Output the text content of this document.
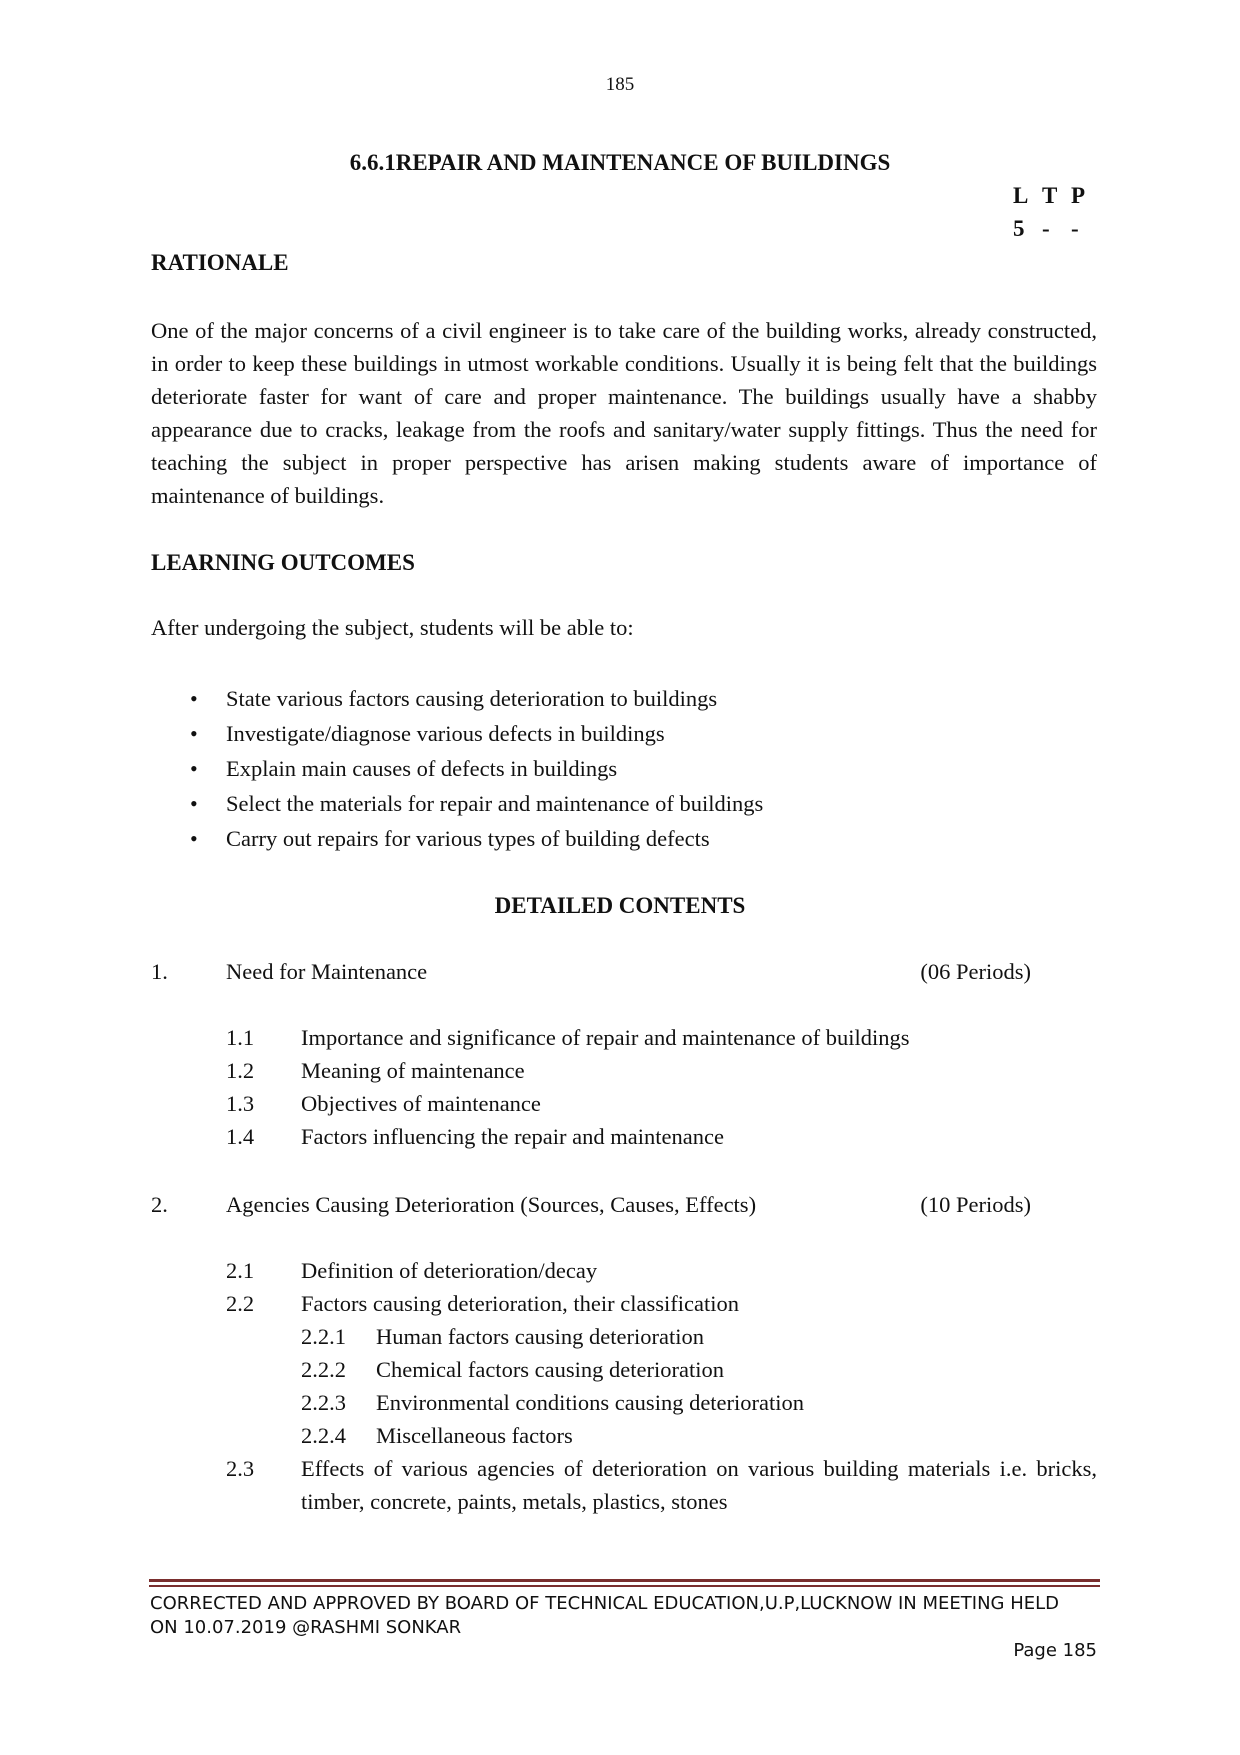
185
6.6.1REPAIR AND MAINTENANCE OF BUILDINGS
L T P
5 - -
RATIONALE

One of the major concerns of a civil engineer is to take care of the building works, already constructed, in order to keep these buildings in utmost workable conditions. Usually it is being felt that the buildings deteriorate faster for want of care and proper maintenance. The buildings usually have a shabby appearance due to cracks, leakage from the roofs and sanitary/water supply fittings. Thus the need for teaching the subject in proper perspective has arisen making students aware of importance of maintenance of buildings.

LEARNING OUTCOMES
After undergoing the subject, students will be able to:
• State various factors causing deterioration to buildings
• Investigate/diagnose various defects in buildings
• Explain main causes of defects in buildings
• Select the materials for repair and maintenance of buildings
• Carry out repairs for various types of building defects
DETAILED CONTENTS
1.	Need for Maintenance	(06 Periods)
1.1 Importance and significance of repair and maintenance of buildings
1.2 Meaning of maintenance
1.3 Objectives of maintenance
1.4 Factors influencing the repair and maintenance
2.	Agencies Causing Deterioration (Sources, Causes, Effects)	(10 Periods)
2.1 Definition of deterioration/decay
2.2 Factors causing deterioration, their classification
2.2.1 Human factors causing deterioration
2.2.2 Chemical factors causing deterioration
2.2.3 Environmental conditions causing deterioration
2.2.4 Miscellaneous factors
2.3 Effects of various agencies of deterioration on various building materials i.e. bricks, timber, concrete, paints, metals, plastics, stones
CORRECTED AND APPROVED BY BOARD OF TECHNICAL EDUCATION,U.P,LUCKNOW IN MEETING HELD
ON 10.07.2019 @RASHMI SONKAR
Page 185
